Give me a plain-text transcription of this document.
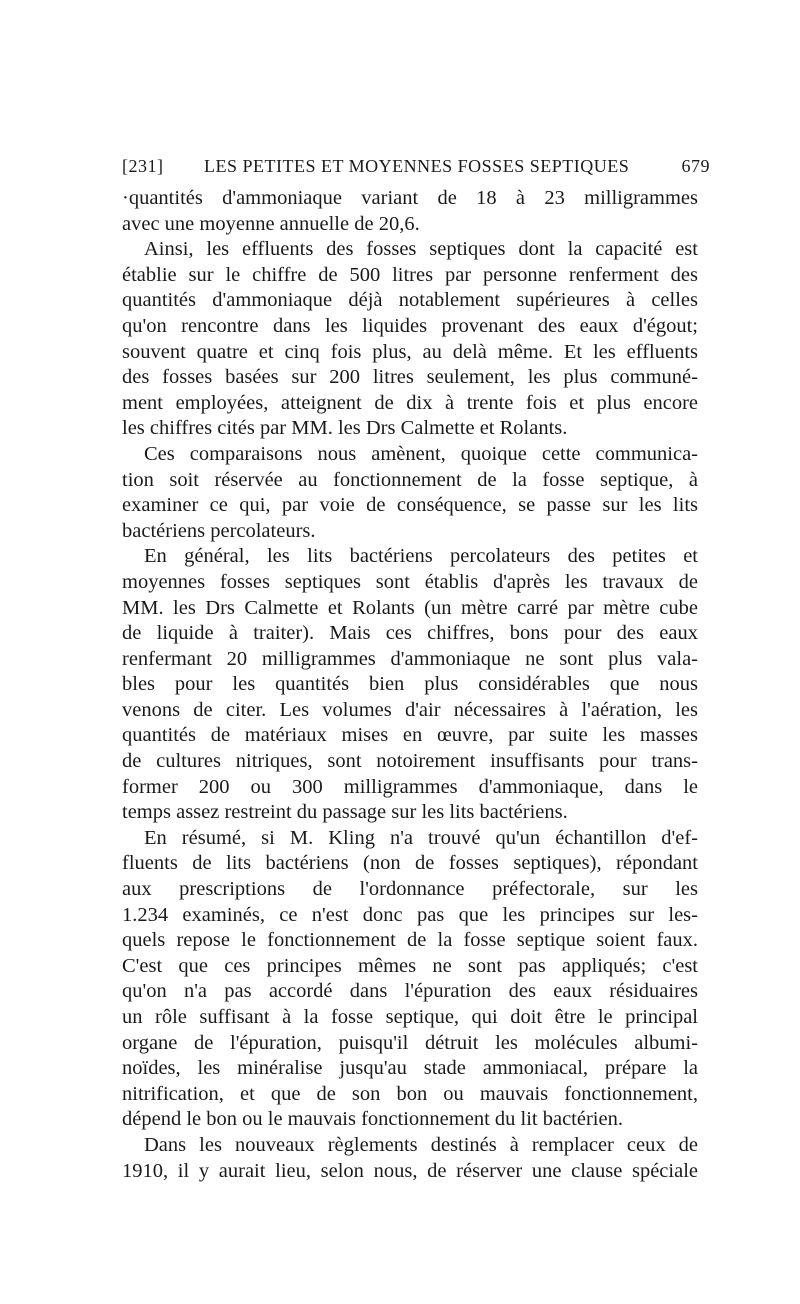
[231] LES PETITES ET MOYENNES FOSSES SEPTIQUES	679
·quantités d'ammoniaque variant de 18 à 23 milligrammes
avec une moyenne annuelle de 20,6.
Ainsi, les effluents des fosses septiques dont la capacité est
établie sur le chiffre de 500 litres par personne renferment des
quantités d'ammoniaque déjà notablement supérieures à celles
qu'on rencontre dans les liquides provenant des eaux d'égout;
souvent quatre et cinq fois plus, au delà même. Et les effluents
des fosses basées sur 200 litres seulement, les plus communé-
ment employées, atteignent de dix à trente fois et plus encore
les chiffres cités par MM. les Drs Calmette et Rolants.
Ces comparaisons nous amènent, quoique cette communica-
tion soit réservée au fonctionnement de la fosse septique, à
examiner ce qui, par voie de conséquence, se passe sur les lits
bactériens percolateurs.
En général, les lits bactériens percolateurs des petites et
moyennes fosses septiques sont établis d'après les travaux de
MM. les Drs Calmette et Rolants (un mètre carré par mètre cube
de liquide à traiter). Mais ces chiffres, bons pour des eaux
renfermant 20 milligrammes d'ammoniaque ne sont plus vala-
bles pour les quantités bien plus considérables que nous
venons de citer. Les volumes d'air nécessaires à l'aération, les
quantités de matériaux mises en œuvre, par suite les masses
de cultures nitriques, sont notoirement insuffisants pour trans-
former 200 ou 300 milligrammes d'ammoniaque, dans le
temps assez restreint du passage sur les lits bactériens.
En résumé, si M. Kling n'a trouvé qu'un échantillon d'ef-
fluents de lits bactériens (non de fosses septiques), répondant
aux prescriptions de l'ordonnance préfectorale, sur les
1.234 examinés, ce n'est donc pas que les principes sur les-
quels repose le fonctionnement de la fosse septique soient faux.
C'est que ces principes mêmes ne sont pas appliqués; c'est
qu'on n'a pas accordé dans l'épuration des eaux résiduaires
un rôle suffisant à la fosse septique, qui doit être le principal
organe de l'épuration, puisqu'il détruit les molécules albumi-
noïdes, les minéralise jusqu'au stade ammoniacal, prépare la
nitrification, et que de son bon ou mauvais fonctionnement,
dépend le bon ou le mauvais fonctionnement du lit bactérien.
Dans les nouveaux règlements destinés à remplacer ceux de
1910, il y aurait lieu, selon nous, de réserver une clause spéciale
